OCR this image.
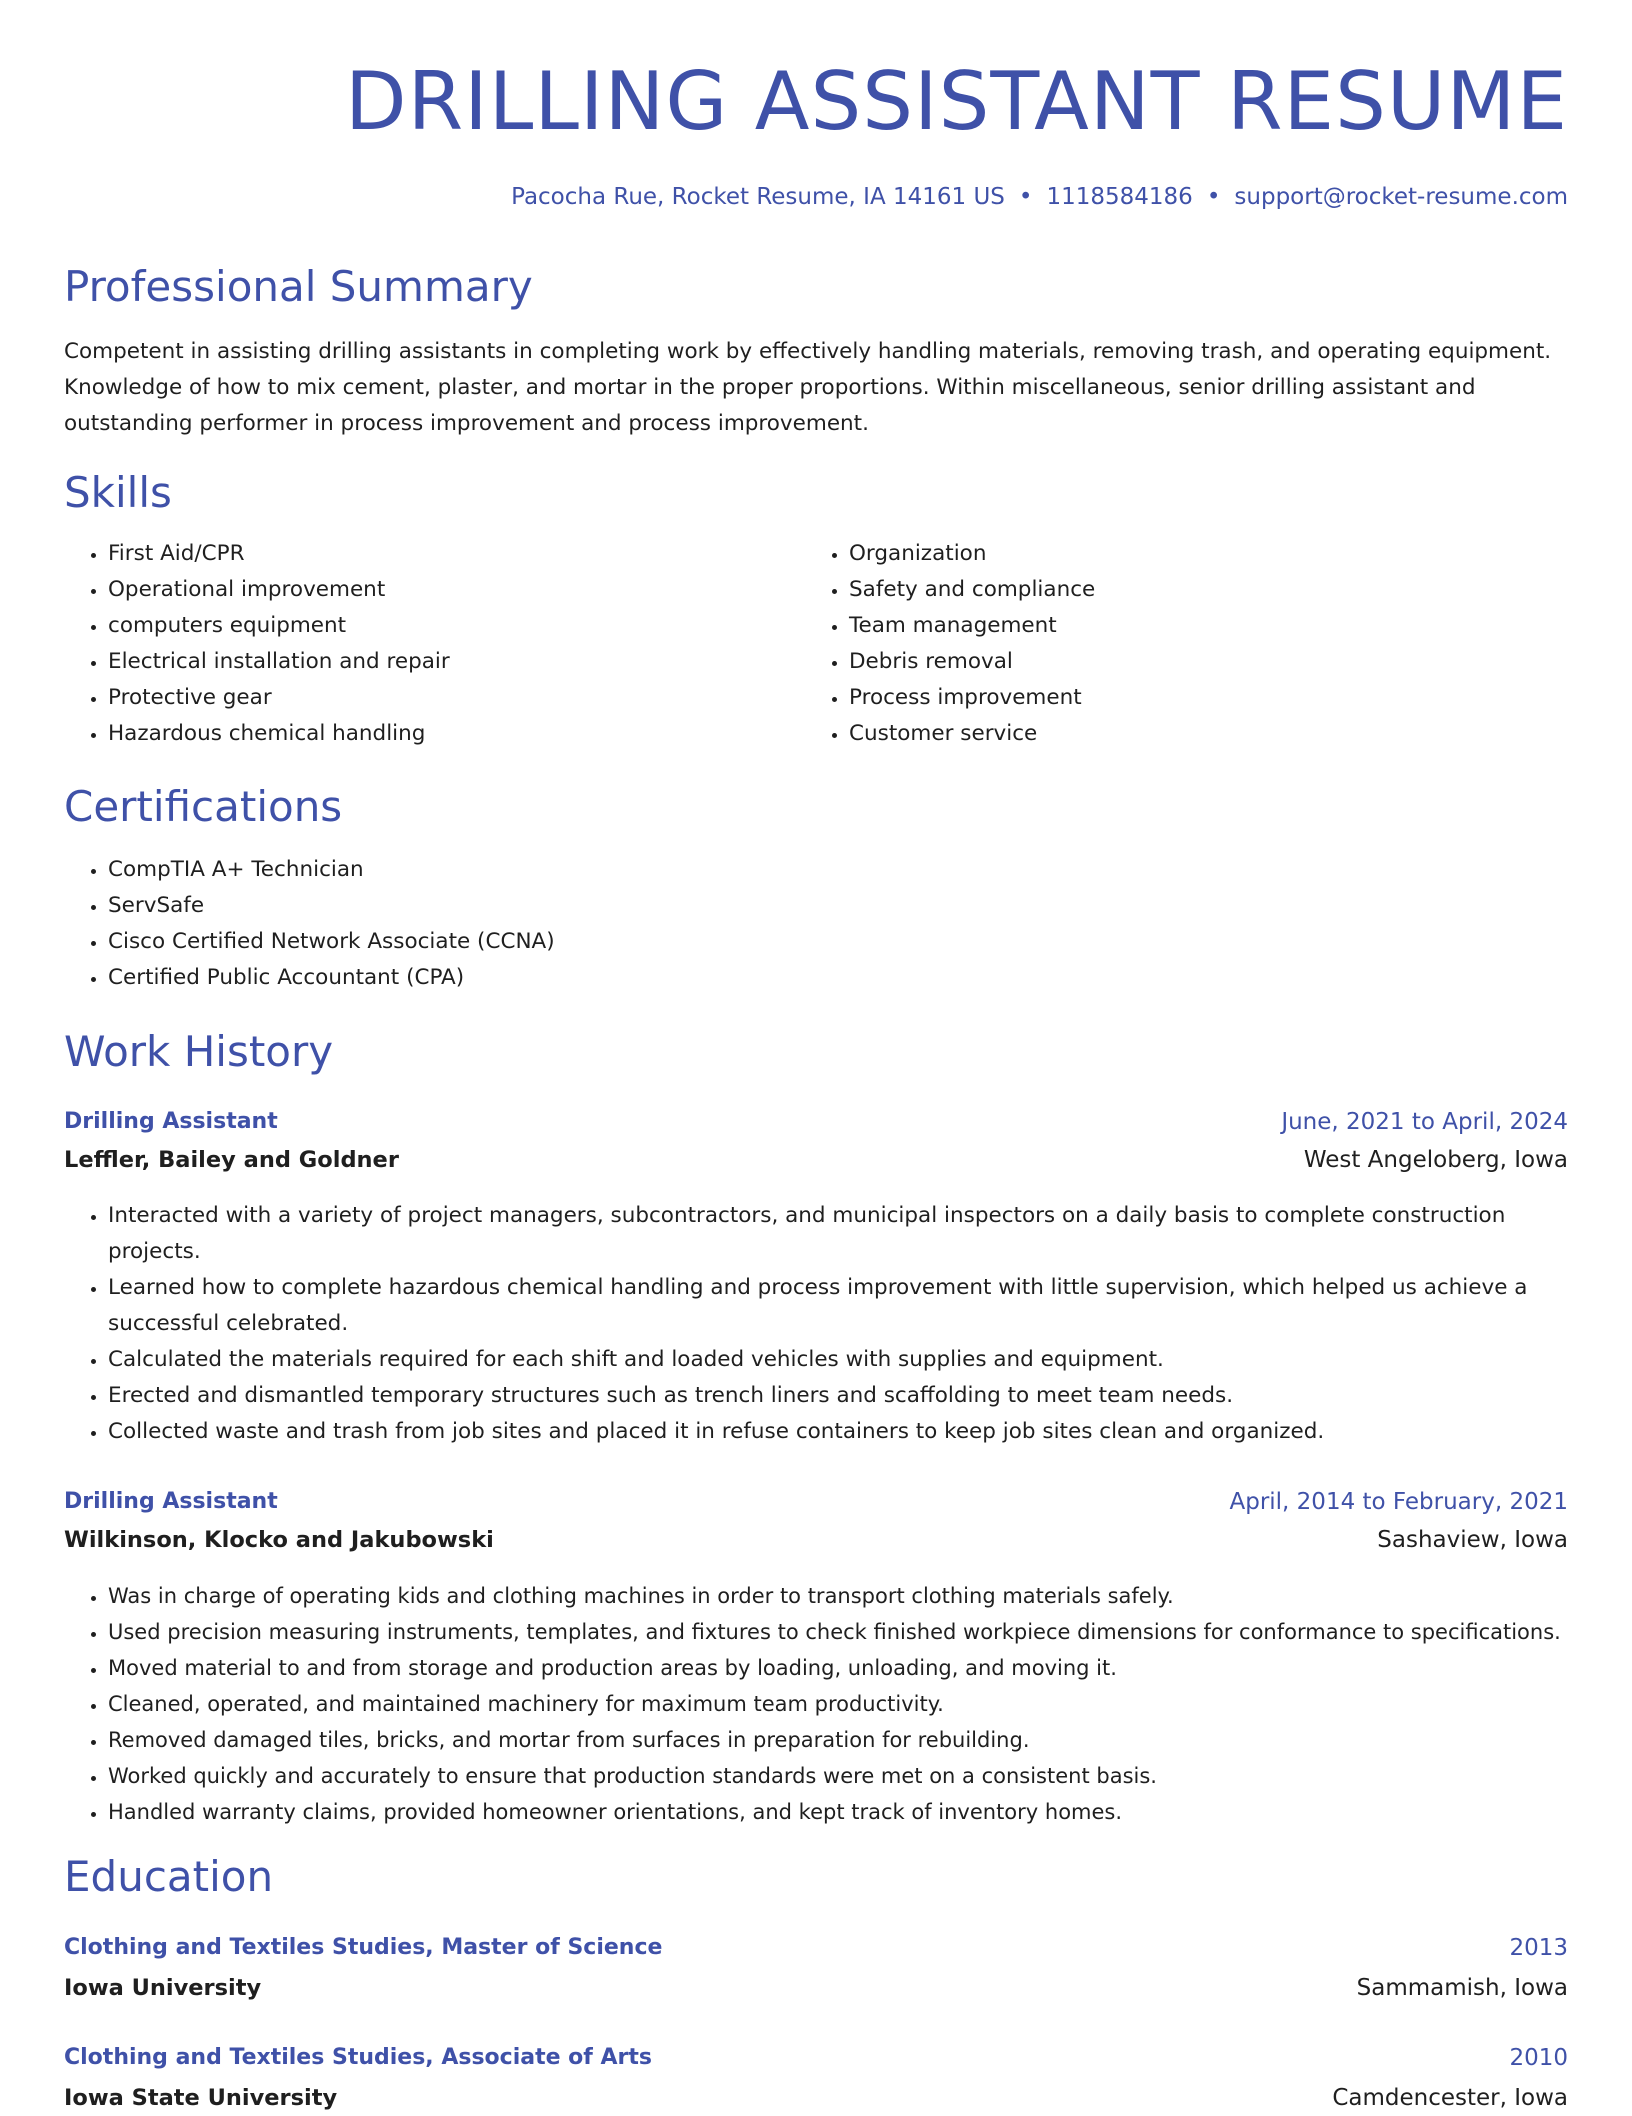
DRILLING ASSISTANT RESUME
Pacocha Rue, Rocket Resume, IA 14161 US • 1118584186 • support@rocket-resume.com
Professional Summary

Competent in assisting drilling assistants in completing work by effectively handling materials, removing trash, and operating equipment. Knowledge of how to mix cement, plaster, and mortar in the proper proportions. Within miscellaneous, senior drilling assistant and outstanding performer in process improvement and process improvement.

Skills
• First Aid/CPR
• Operational improvement
• computers equipment
• Electrical installation and repair
• Protective gear
• Hazardous chemical handling
• Organization
• Safety and compliance
• Team management
• Debris removal
• Process improvement
• Customer service
Certifications
• CompTIA A+ Technician
• ServSafe
• Cisco Certified Network Associate (CCNA)
• Certified Public Accountant (CPA)
Work History
Drilling Assistant	June, 2021 to April, 2024
Leffler, Bailey and Goldner	West Angeloberg, Iowa
• Interacted with a variety of project managers, subcontractors, and municipal inspectors on a daily basis to complete construction projects.
• Learned how to complete hazardous chemical handling and process improvement with little supervision, which helped us achieve a successful celebrated.
• Calculated the materials required for each shift and loaded vehicles with supplies and equipment.
• Erected and dismantled temporary structures such as trench liners and scaffolding to meet team needs.
• Collected waste and trash from job sites and placed it in refuse containers to keep job sites clean and organized.
Drilling Assistant	April, 2014 to February, 2021
Wilkinson, Klocko and Jakubowski	Sashaview, Iowa
• Was in charge of operating kids and clothing machines in order to transport clothing materials safely.
• Used precision measuring instruments, templates, and fixtures to check finished workpiece dimensions for conformance to specifications.
• Moved material to and from storage and production areas by loading, unloading, and moving it.
• Cleaned, operated, and maintained machinery for maximum team productivity.
• Removed damaged tiles, bricks, and mortar from surfaces in preparation for rebuilding.
• Worked quickly and accurately to ensure that production standards were met on a consistent basis.
• Handled warranty claims, provided homeowner orientations, and kept track of inventory homes.
Education
Clothing and Textiles Studies, Master of Science	2013
Iowa University	Sammamish, Iowa
Clothing and Textiles Studies, Associate of Arts	2010
Iowa State University	Camdencester, Iowa
